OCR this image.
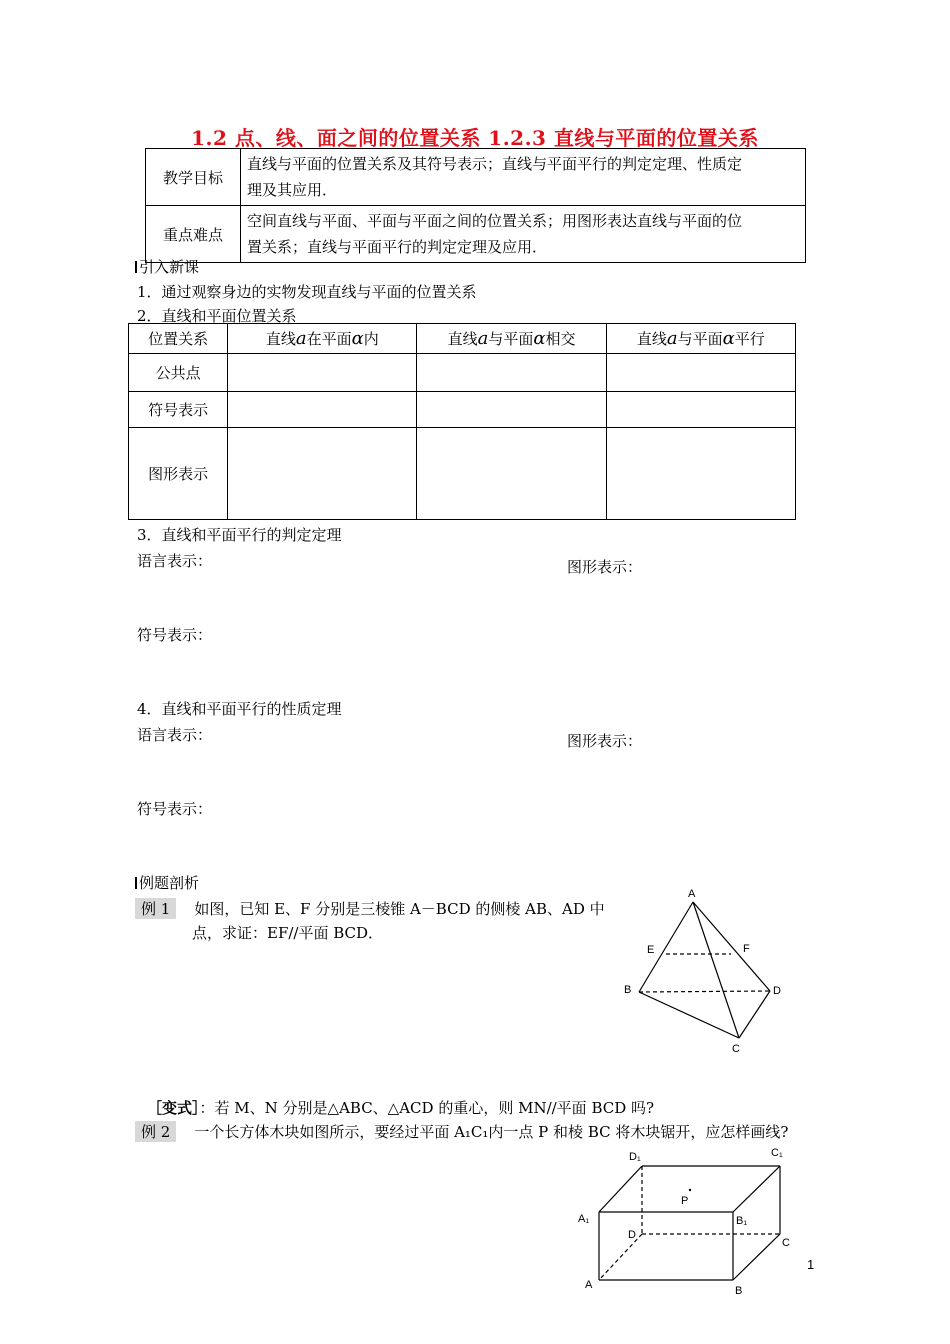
1.2 点、线、面之间的位置关系 1.2.3 直线与平面的位置关系
教学目标	直线与平面的位置关系及其符号表示；直线与平面平行的判定定理、性质定
理及其应用．
重点难点	空间直线与平面、平面与平面之间的位置关系；用图形表达直线与平面的位
置关系；直线与平面平行的判定定理及应用．
引入新课
1．通过观察身边的实物发现直线与平面的位置关系
2．直线和平面位置关系
位置关系	直线a在平面α内	直线a与平面α相交	直线a与平面α平行
公共点			
符号表示			
图形表示			
3．直线和平面平行的判定定理
语言表示：	图形表示：
符号表示：
4．直线和平面平行的性质定理
语言表示：	图形表示：
符号表示：
例题剖析
例 1 如图，已知 E、F 分别是三棱锥 A－BCD 的侧棱 AB、AD 中
点，求证：EF//平面 BCD．
A
B
C
D
E	F
［变式］：若 M、N 分别是△ABC、△ACD 的重心，则 MN//平面 BCD 吗?
例 2 一个长方体木块如图所示，要经过平面 A₁C₁内一点 P 和棱 BC 将木块锯开，应怎样画线?
D₁	C₁
A₁	B₁
P
D
C
A	B
1
